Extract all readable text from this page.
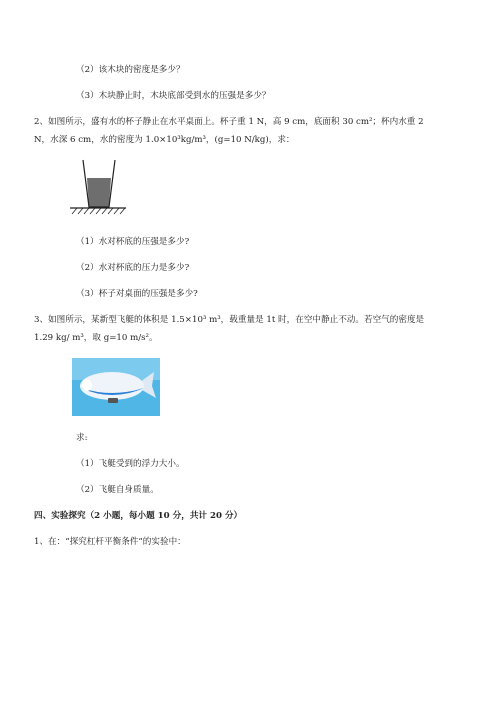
（2）该木块的密度是多少？
（3）木块静止时，木块底部受到水的压强是多少？
2、如图所示，盛有水的杯子静止在水平桌面上。杯子重 1 N，高 9 cm，底面积 30 cm²；杯内水重 2
N，水深 6 cm，水的密度为 1.0×10³kg/m³，(g=10 N/kg)，求：
（1）水对杯底的压强是多少?
（2）水对杯底的压力是多少?
（3）杯子对桌面的压强是多少?
3、如图所示，某新型飞艇的体积是 1.5×10³ m³，载重量是 1t 时，在空中静止不动。若空气的密度是
1.29 kg/ m³，取 g=10 m/s²。
求:
（1）飞艇受到的浮力大小。
（2）飞艇自身质量。
四、实验探究（2 小题，每小题 10 分，共计 20 分）
1、在：“探究杠杆平衡条件”的实验中：
